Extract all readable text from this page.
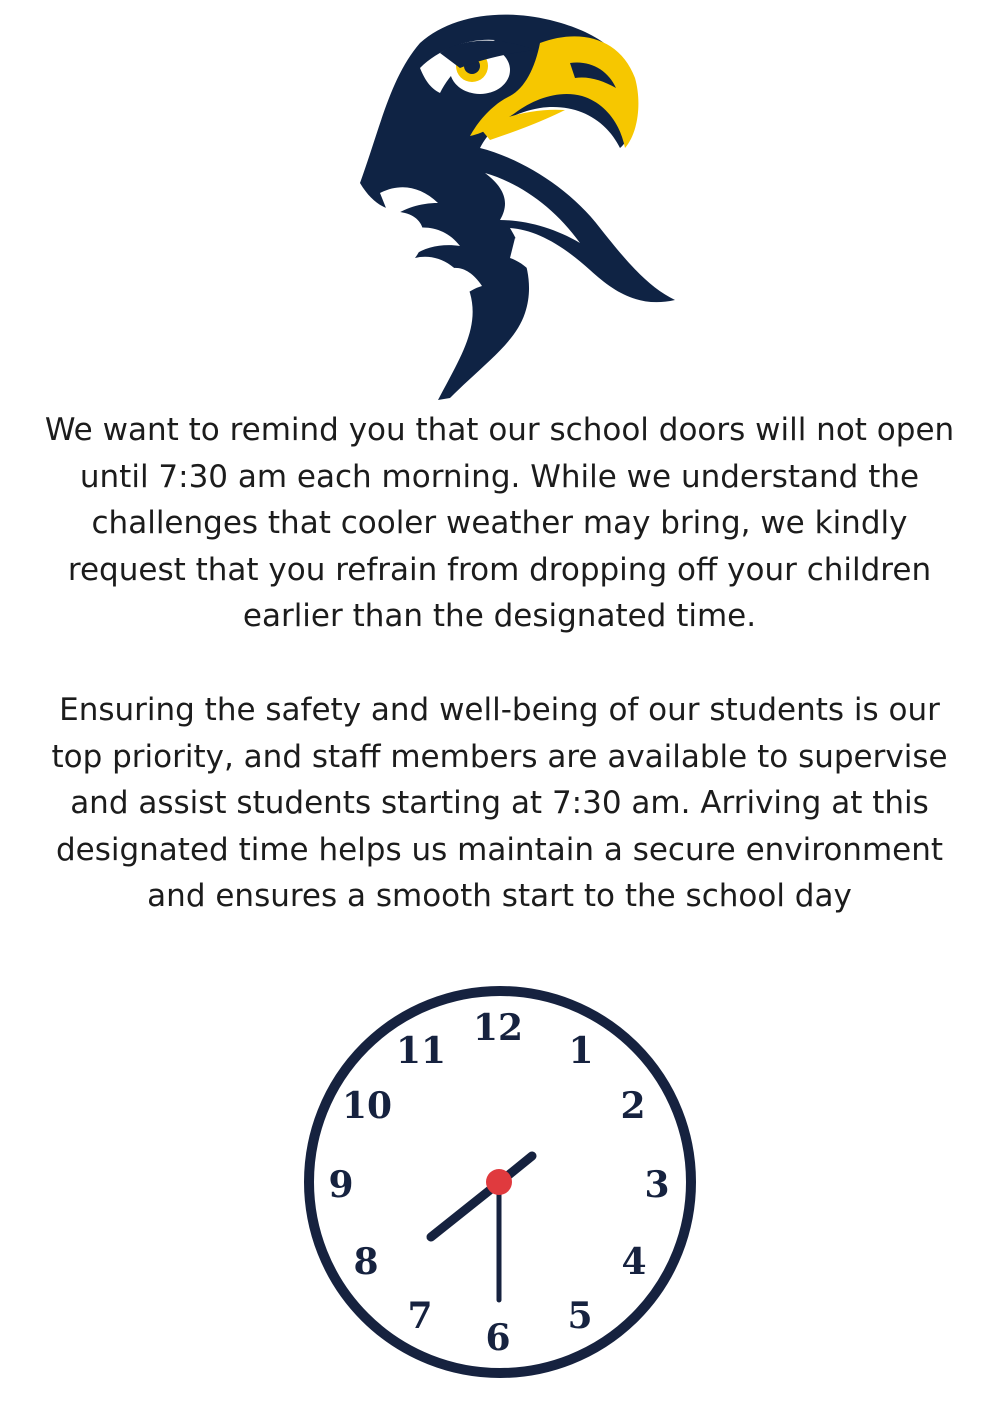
We want to remind you that our school doors will not open
until 7:30 am each morning. While we understand the
challenges that cooler weather may bring, we kindly
request that you refrain from dropping off your children
earlier than the designated time.
Ensuring the safety and well-being of our students is our
top priority, and staff members are available to supervise
and assist students starting at 7:30 am. Arriving at this
designated time helps us maintain a secure environment
and ensures a smooth start to the school day
12
1
2
3
4
5
6
7
8
9
10
11
